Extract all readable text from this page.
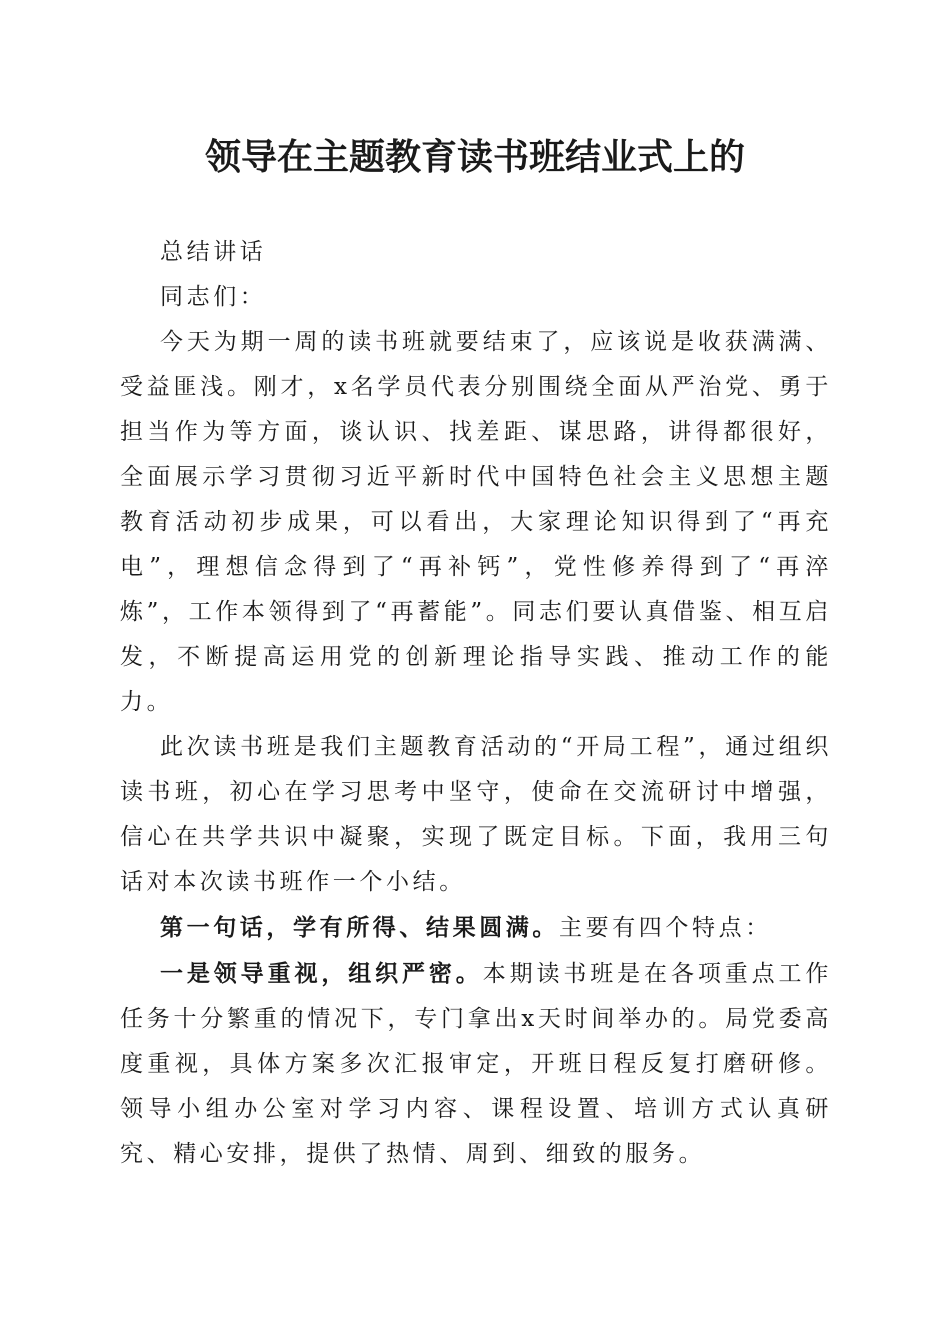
领导在主题教育读书班结业式上的

总结讲话

同志们：

今天为期一周的读书班就要结束了，应该说是收获满满、受益匪浅。刚才，x名学员代表分别围绕全面从严治党、勇于担当作为等方面，谈认识、找差距、谋思路，讲得都很好，全面展示学习贯彻习近平新时代中国特色社会主义思想主题教育活动初步成果，可以看出，大家理论知识得到了“再充电”，理想信念得到了“再补钙”，党性修养得到了“再淬炼”，工作本领得到了“再蓄能”。同志们要认真借鉴、相互启发，不断提高运用党的创新理论指导实践、推动工作的能力。

此次读书班是我们主题教育活动的“开局工程”，通过组织读书班，初心在学习思考中坚守，使命在交流研讨中增强，信心在共学共识中凝聚，实现了既定目标。下面，我用三句话对本次读书班作一个小结。

第一句话，学有所得、结果圆满。主要有四个特点：

一是领导重视，组织严密。本期读书班是在各项重点工作任务十分繁重的情况下，专门拿出x天时间举办的。局党委高度重视，具体方案多次汇报审定，开班日程反复打磨研修。领导小组办公室对学习内容、课程设置、培训方式认真研究、精心安排，提供了热情、周到、细致的服务。
